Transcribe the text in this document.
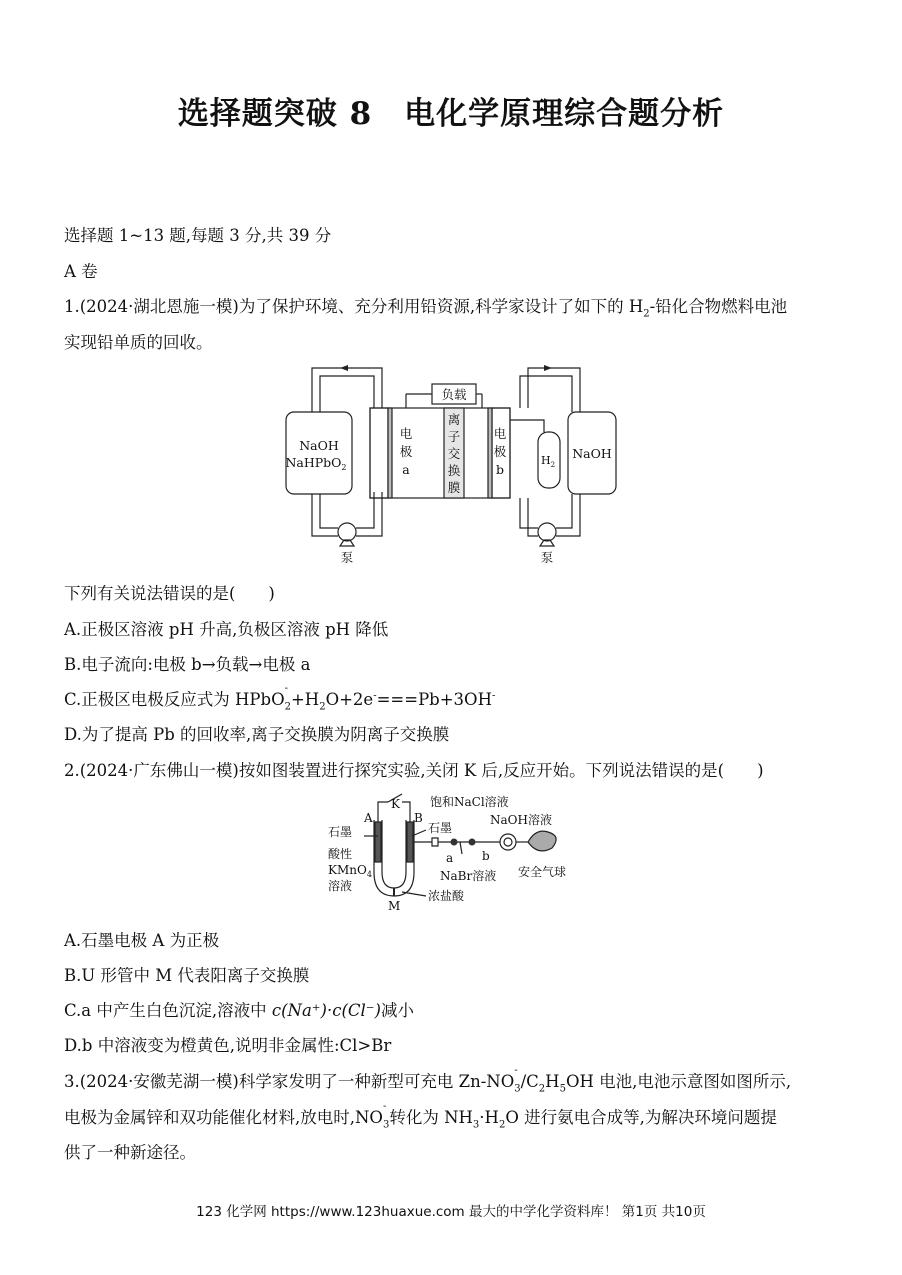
选择题突破 8　电化学原理综合题分析
选择题 1~13 题,每题 3 分,共 39 分
A 卷
1.(2024·湖北恩施一模)为了保护环境、充分利用铅资源,科学家设计了如下的 $H_2-$铅化合物燃料电池
实现铅单质的回收。
NaOH
NaHPbO$_2$
负载
电
极
a
离
子
交
换
膜
电
极
b
$H_2$
NaOH
泵	泵
下列有关说法错误的是(　　)
A.正极区溶液 pH 升高,负极区溶液 pH 降低
B.电子流向:电极 b→负载→电极 a
C.正极区电极反应式为 HPbO
-
$_2+H_2O+2e^-===Pb+3OH^-$
D.为了提高 Pb 的回收率,离子交换膜为阴离子交换膜
2.(2024·广东佛山一模)按如图装置进行探究实验,关闭 K 后,反应开始。下列说法错误的是(　　)
K
A	B
石墨	石墨
酸性
KMnO$_4$
溶液
M
浓盐酸
饱和NaCl溶液
NaOH溶液
a b
NaBr溶液 安全气球
A.石墨电极 A 为正极
B.U 形管中 M 代表阳离子交换膜
C.a 中产生白色沉淀,溶液中 c(Na⁺)·c(Cl⁻)减小
D.b 中溶液变为橙黄色,说明非金属性:Cl>Br
3.(2024·安徽芜湖一模)科学家发明了一种新型可充电 Zn-NO
-
$_3/C_2H_5OH$ 电池,电池示意图如图所示,
电极为金属锌和双功能催化材料,放电时,NO
-
$_3$转化为 $NH_3\cdot H_2O$ 进行氨电合成等,为解决环境问题提
供了一种新途径。
123 化学网 https://www.123huaxue.com 最大的中学化学资料库！ 第1页 共10页
